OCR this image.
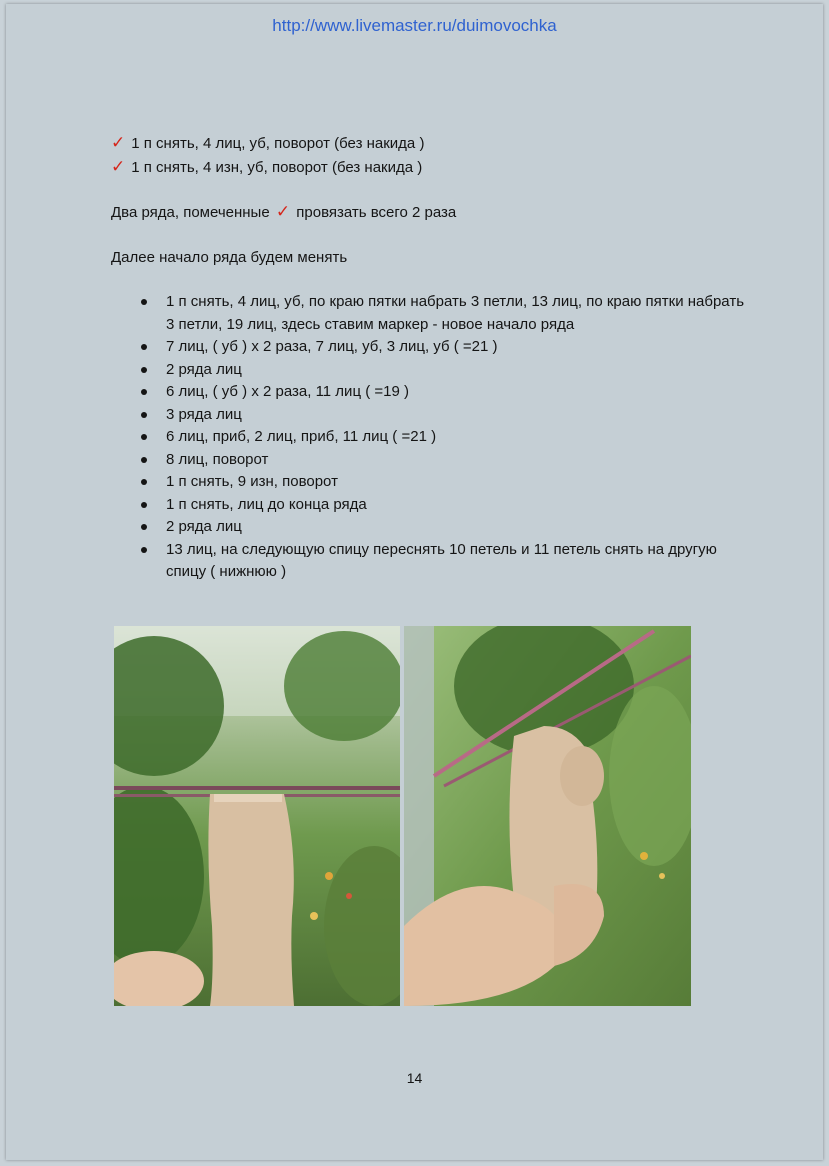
http://www.livemaster.ru/duimovochka
✓ 1 п снять, 4 лиц, уб, поворот (без накида )
✓ 1 п снять, 4 изн, уб, поворот (без накида )
Два ряда, помеченные ✓ провязать всего 2 раза
Далее начало ряда будем менять
1 п снять, 4 лиц, уб, по краю пятки набрать 3 петли, 13 лиц, по краю пятки набрать 3 петли, 19 лиц, здесь ставим маркер - новое начало ряда
7 лиц, ( уб ) х 2 раза, 7 лиц, уб, 3 лиц, уб ( =21 )
2 ряда лиц
6 лиц, ( уб ) х 2 раза, 11 лиц ( =19 )
3 ряда лиц
6 лиц, приб, 2 лиц, приб, 11 лиц ( =21 )
8 лиц, поворот
1 п снять, 9 изн, поворот
1 п снять, лиц до конца ряда
2 ряда лиц
13 лиц, на следующую спицу переснять 10 петель и 11 петель снять на другую спицу ( нижнюю )
14
